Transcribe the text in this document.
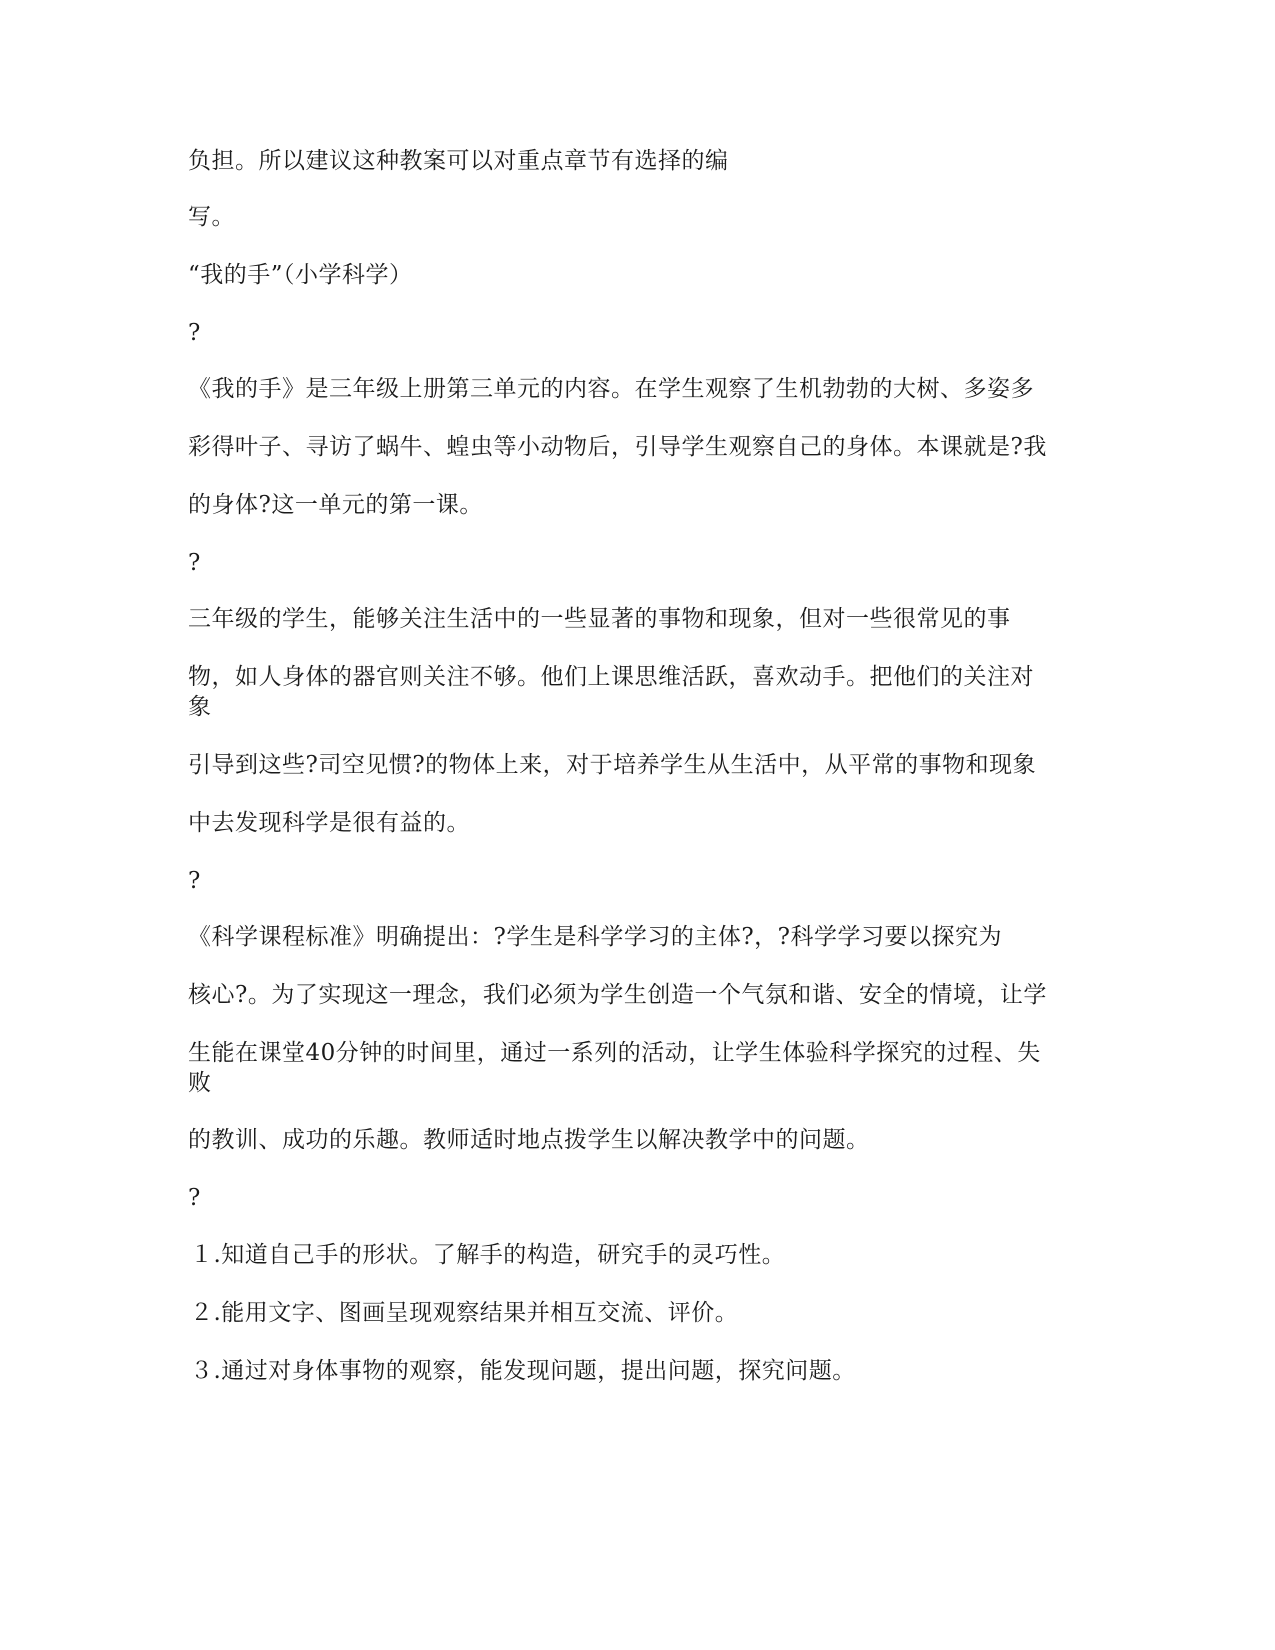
负担。所以建议这种教案可以对重点章节有选择的编
写。
“我的手”（小学科学）
?
《我的手》是三年级上册第三单元的内容。在学生观察了生机勃勃的大树、多姿多
彩得叶子、寻访了蜗牛、蝗虫等小动物后，引导学生观察自己的身体。本课就是?我
的身体?这一单元的第一课。
?
三年级的学生，能够关注生活中的一些显著的事物和现象，但对一些很常见的事
物，如人身体的器官则关注不够。他们上课思维活跃，喜欢动手。把他们的关注对
象
引导到这些?司空见惯?的物体上来，对于培养学生从生活中，从平常的事物和现象
中去发现科学是很有益的。
?
《科学课程标准》明确提出：?学生是科学学习的主体?，?科学学习要以探究为
核心?。为了实现这一理念，我们必须为学生创造一个气氛和谐、安全的情境，让学
生能在课堂40分钟的时间里，通过一系列的活动，让学生体验科学探究的过程、失
败
的教训、成功的乐趣。教师适时地点拨学生以解决教学中的问题。
?
１.知道自己手的形状。了解手的构造，研究手的灵巧性。
２.能用文字、图画呈现观察结果并相互交流、评价。
３.通过对身体事物的观察，能发现问题，提出问题，探究问题。
